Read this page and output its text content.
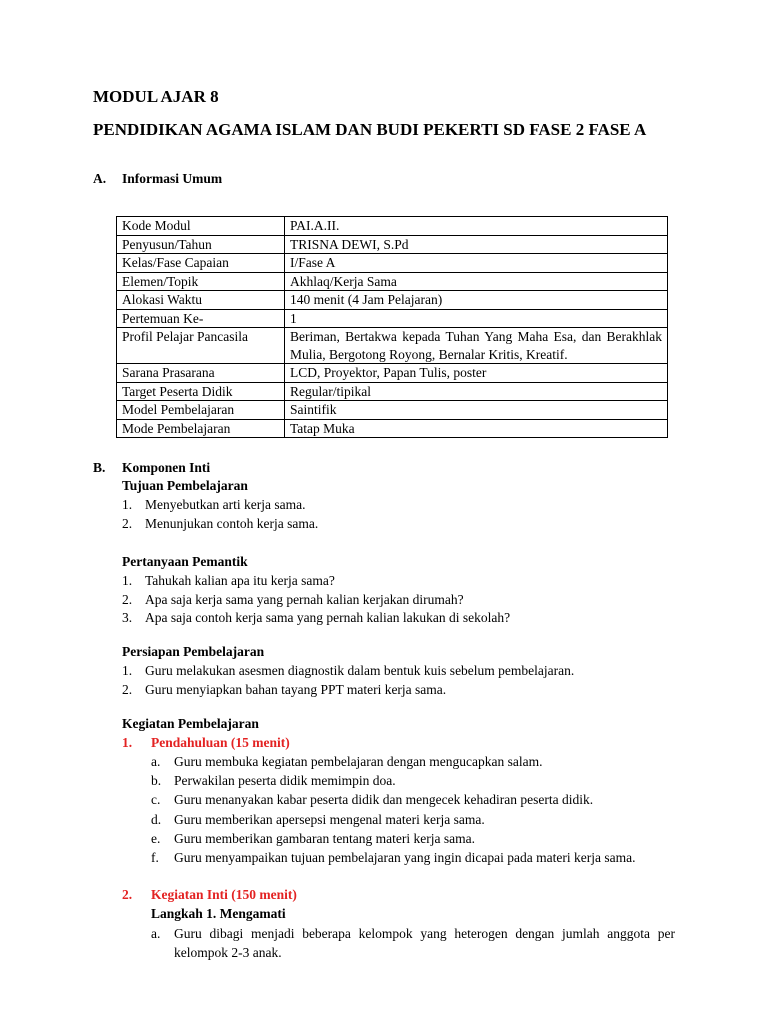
MODUL AJAR 8
PENDIDIKAN AGAMA ISLAM DAN BUDI PEKERTI SD FASE 2 FASE A
A. Informasi Umum
Kode Modul	PAI.A.II.
Penyusun/Tahun	TRISNA DEWI, S.Pd
Kelas/Fase Capaian	I/Fase A
Elemen/Topik	Akhlaq/Kerja Sama
Alokasi Waktu	140 menit (4 Jam Pelajaran)
Pertemuan Ke-	1
Profil Pelajar Pancasila	Beriman, Bertakwa kepada Tuhan Yang Maha Esa, dan Berakhlak Mulia, Bergotong Royong, Bernalar Kritis, Kreatif.
Sarana Prasarana	LCD, Proyektor, Papan Tulis, poster
Target Peserta Didik	Regular/tipikal
Model Pembelajaran	Saintifik
Mode Pembelajaran	Tatap Muka
B. Komponen Inti
Tujuan Pembelajaran
1. Menyebutkan arti kerja sama.
2. Menunjukan contoh kerja sama.
Pertanyaan Pemantik
1. Tahukah kalian apa itu kerja sama?
2. Apa saja kerja sama yang pernah kalian kerjakan dirumah?
3. Apa saja contoh kerja sama yang pernah kalian lakukan di sekolah?
Persiapan Pembelajaran
1. Guru melakukan asesmen diagnostik dalam bentuk kuis sebelum pembelajaran.
2. Guru menyiapkan bahan tayang PPT materi kerja sama.
Kegiatan Pembelajaran
1. Pendahuluan (15 menit)
a. Guru membuka kegiatan pembelajaran dengan mengucapkan salam.
b. Perwakilan peserta didik memimpin doa.
c. Guru menanyakan kabar peserta didik dan mengecek kehadiran peserta didik.
d. Guru memberikan apersepsi mengenal materi kerja sama.
e. Guru memberikan gambaran tentang materi kerja sama.
f. Guru menyampaikan tujuan pembelajaran yang ingin dicapai pada materi kerja sama.
2. Kegiatan Inti (150 menit)
Langkah 1. Mengamati
a. Guru dibagi menjadi beberapa kelompok yang heterogen dengan jumlah anggota per kelompok 2-3 anak.
